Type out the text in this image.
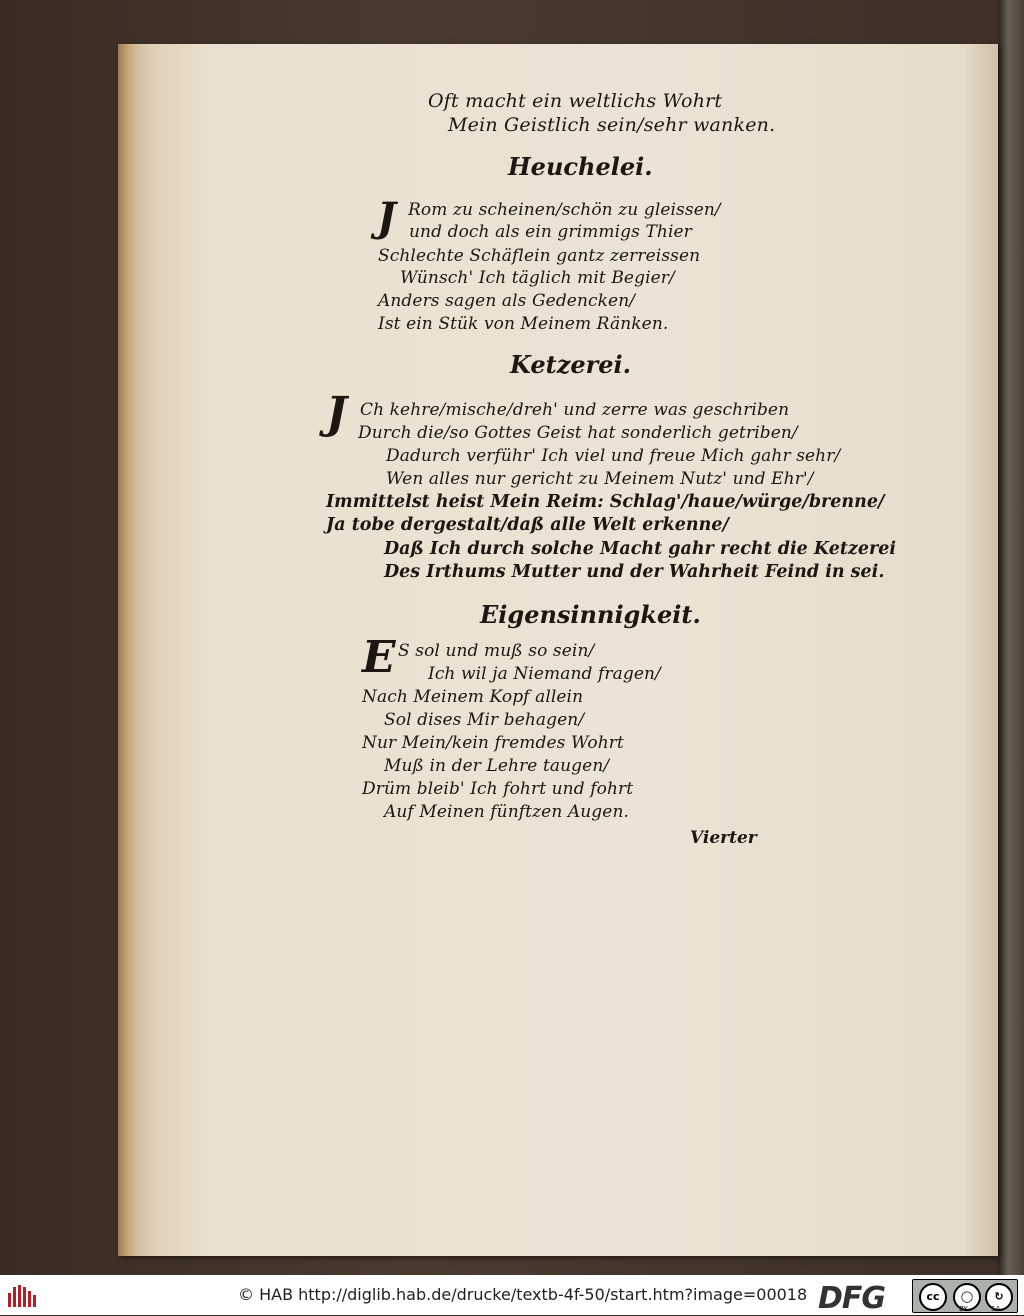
Oft macht ein weltlichs Wohrt
Mein Geistlich sein/sehr wanken.
Heuchelei.
J Rom zu scheinen/schön zu gleissen/
und doch als ein grimmigs Thier
Schlechte Schäflein gantz zerreissen
Wünsch' Ich täglich mit Begier/
Anders sagen als Gedencken/
Ist ein Stük von Meinem Ränken.
Ketzerei.
J Ch kehre/mische/dreh' und zerre was geschriben
Durch die/so Gottes Geist hat sonderlich getriben/
Dadurch verführ' Ich viel und freue Mich gahr sehr/
Wen alles nur gericht zu Meinem Nutz' und Ehr'/
Immittelst heist Mein Reim: Schlag'/haue/würge/brenne/
Ja tobe dergestalt/daß alle Welt erkenne/
Daß Ich durch solche Macht gahr recht die Ketzerei
Des Irthums Mutter und der Wahrheit Feind in sei.
Eigensinnigkeit.
E S sol und muß so sein/
Ich wil ja Niemand fragen/
Nach Meinem Kopf allein
Sol dises Mir behagen/
Nur Mein/kein fremdes Wohrt
Muß in der Lehre taugen/
Drüm bleib' Ich fohrt und fohrt
Auf Meinen fünftzen Augen.
Vierter
© HAB http://diglib.hab.de/drucke/textb-4f-50/start.htm?image=00018 DFG	cc	◯	↻
BY	SA
